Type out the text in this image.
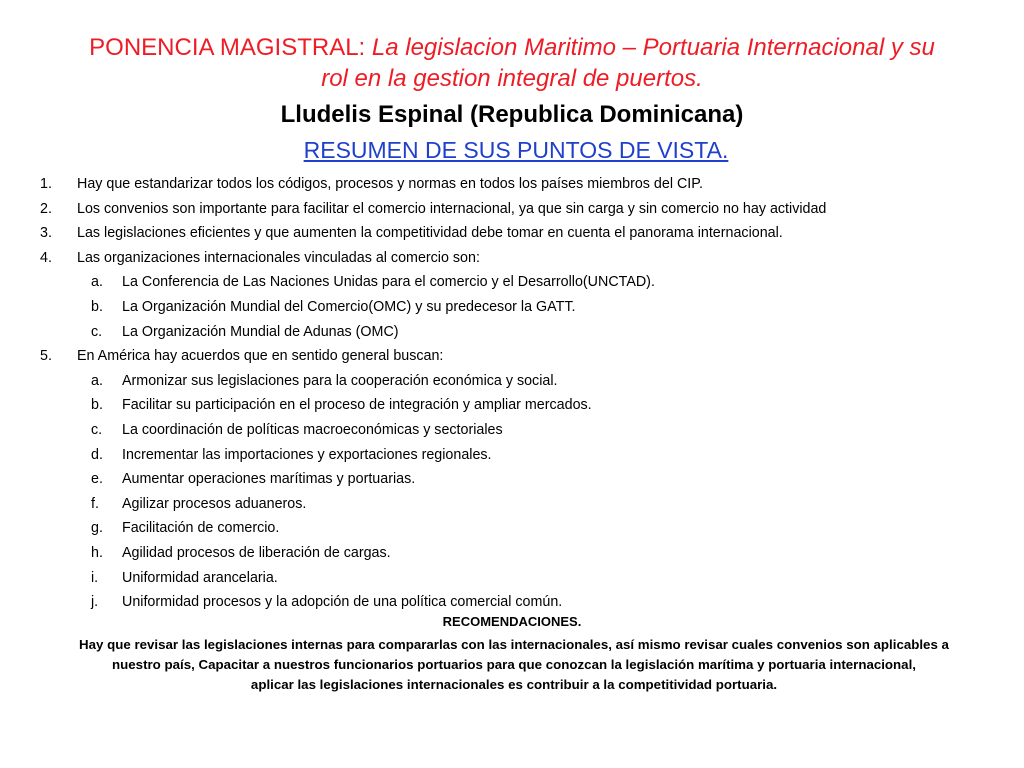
PONENCIA MAGISTRAL: La legislacion Maritimo – Portuaria Internacional y su
rol en la gestion integral de puertos.
Lludelis Espinal (Republica Dominicana)
RESUMEN DE SUS PUNTOS DE VISTA.
1. Hay que estandarizar todos los códigos, procesos y normas en todos los países miembros del CIP.
2. Los convenios son importante para facilitar el comercio internacional, ya que sin carga y sin comercio no hay actividad
3. Las legislaciones eficientes y que aumenten la competitividad debe tomar en cuenta el panorama internacional.
4. Las organizaciones internacionales vinculadas al comercio son:
a. La Conferencia de Las Naciones Unidas para el comercio y el Desarrollo(UNCTAD).
b. La Organización Mundial del Comercio(OMC) y su predecesor la GATT.
c. La Organización Mundial de Adunas (OMC)
5. En América hay acuerdos que en sentido general buscan:
a. Armonizar sus legislaciones para la cooperación económica y social.
b. Facilitar su participación en el proceso de integración y ampliar mercados.
c. La coordinación de políticas macroeconómicas y sectoriales
d. Incrementar las importaciones y exportaciones regionales.
e. Aumentar operaciones marítimas y portuarias.
f. Agilizar procesos aduaneros.
g. Facilitación de comercio.
h. Agilidad procesos de liberación de cargas.
i. Uniformidad arancelaria.
j. Uniformidad procesos y la adopción de una política comercial común.
RECOMENDACIONES.
Hay que revisar las legislaciones internas para compararlas con las internacionales, así mismo revisar cuales convenios son aplicables a
nuestro país, Capacitar a nuestros funcionarios portuarios para que conozcan la legislación marítima y portuaria internacional,
aplicar las legislaciones internacionales es contribuir a la competitividad portuaria.
